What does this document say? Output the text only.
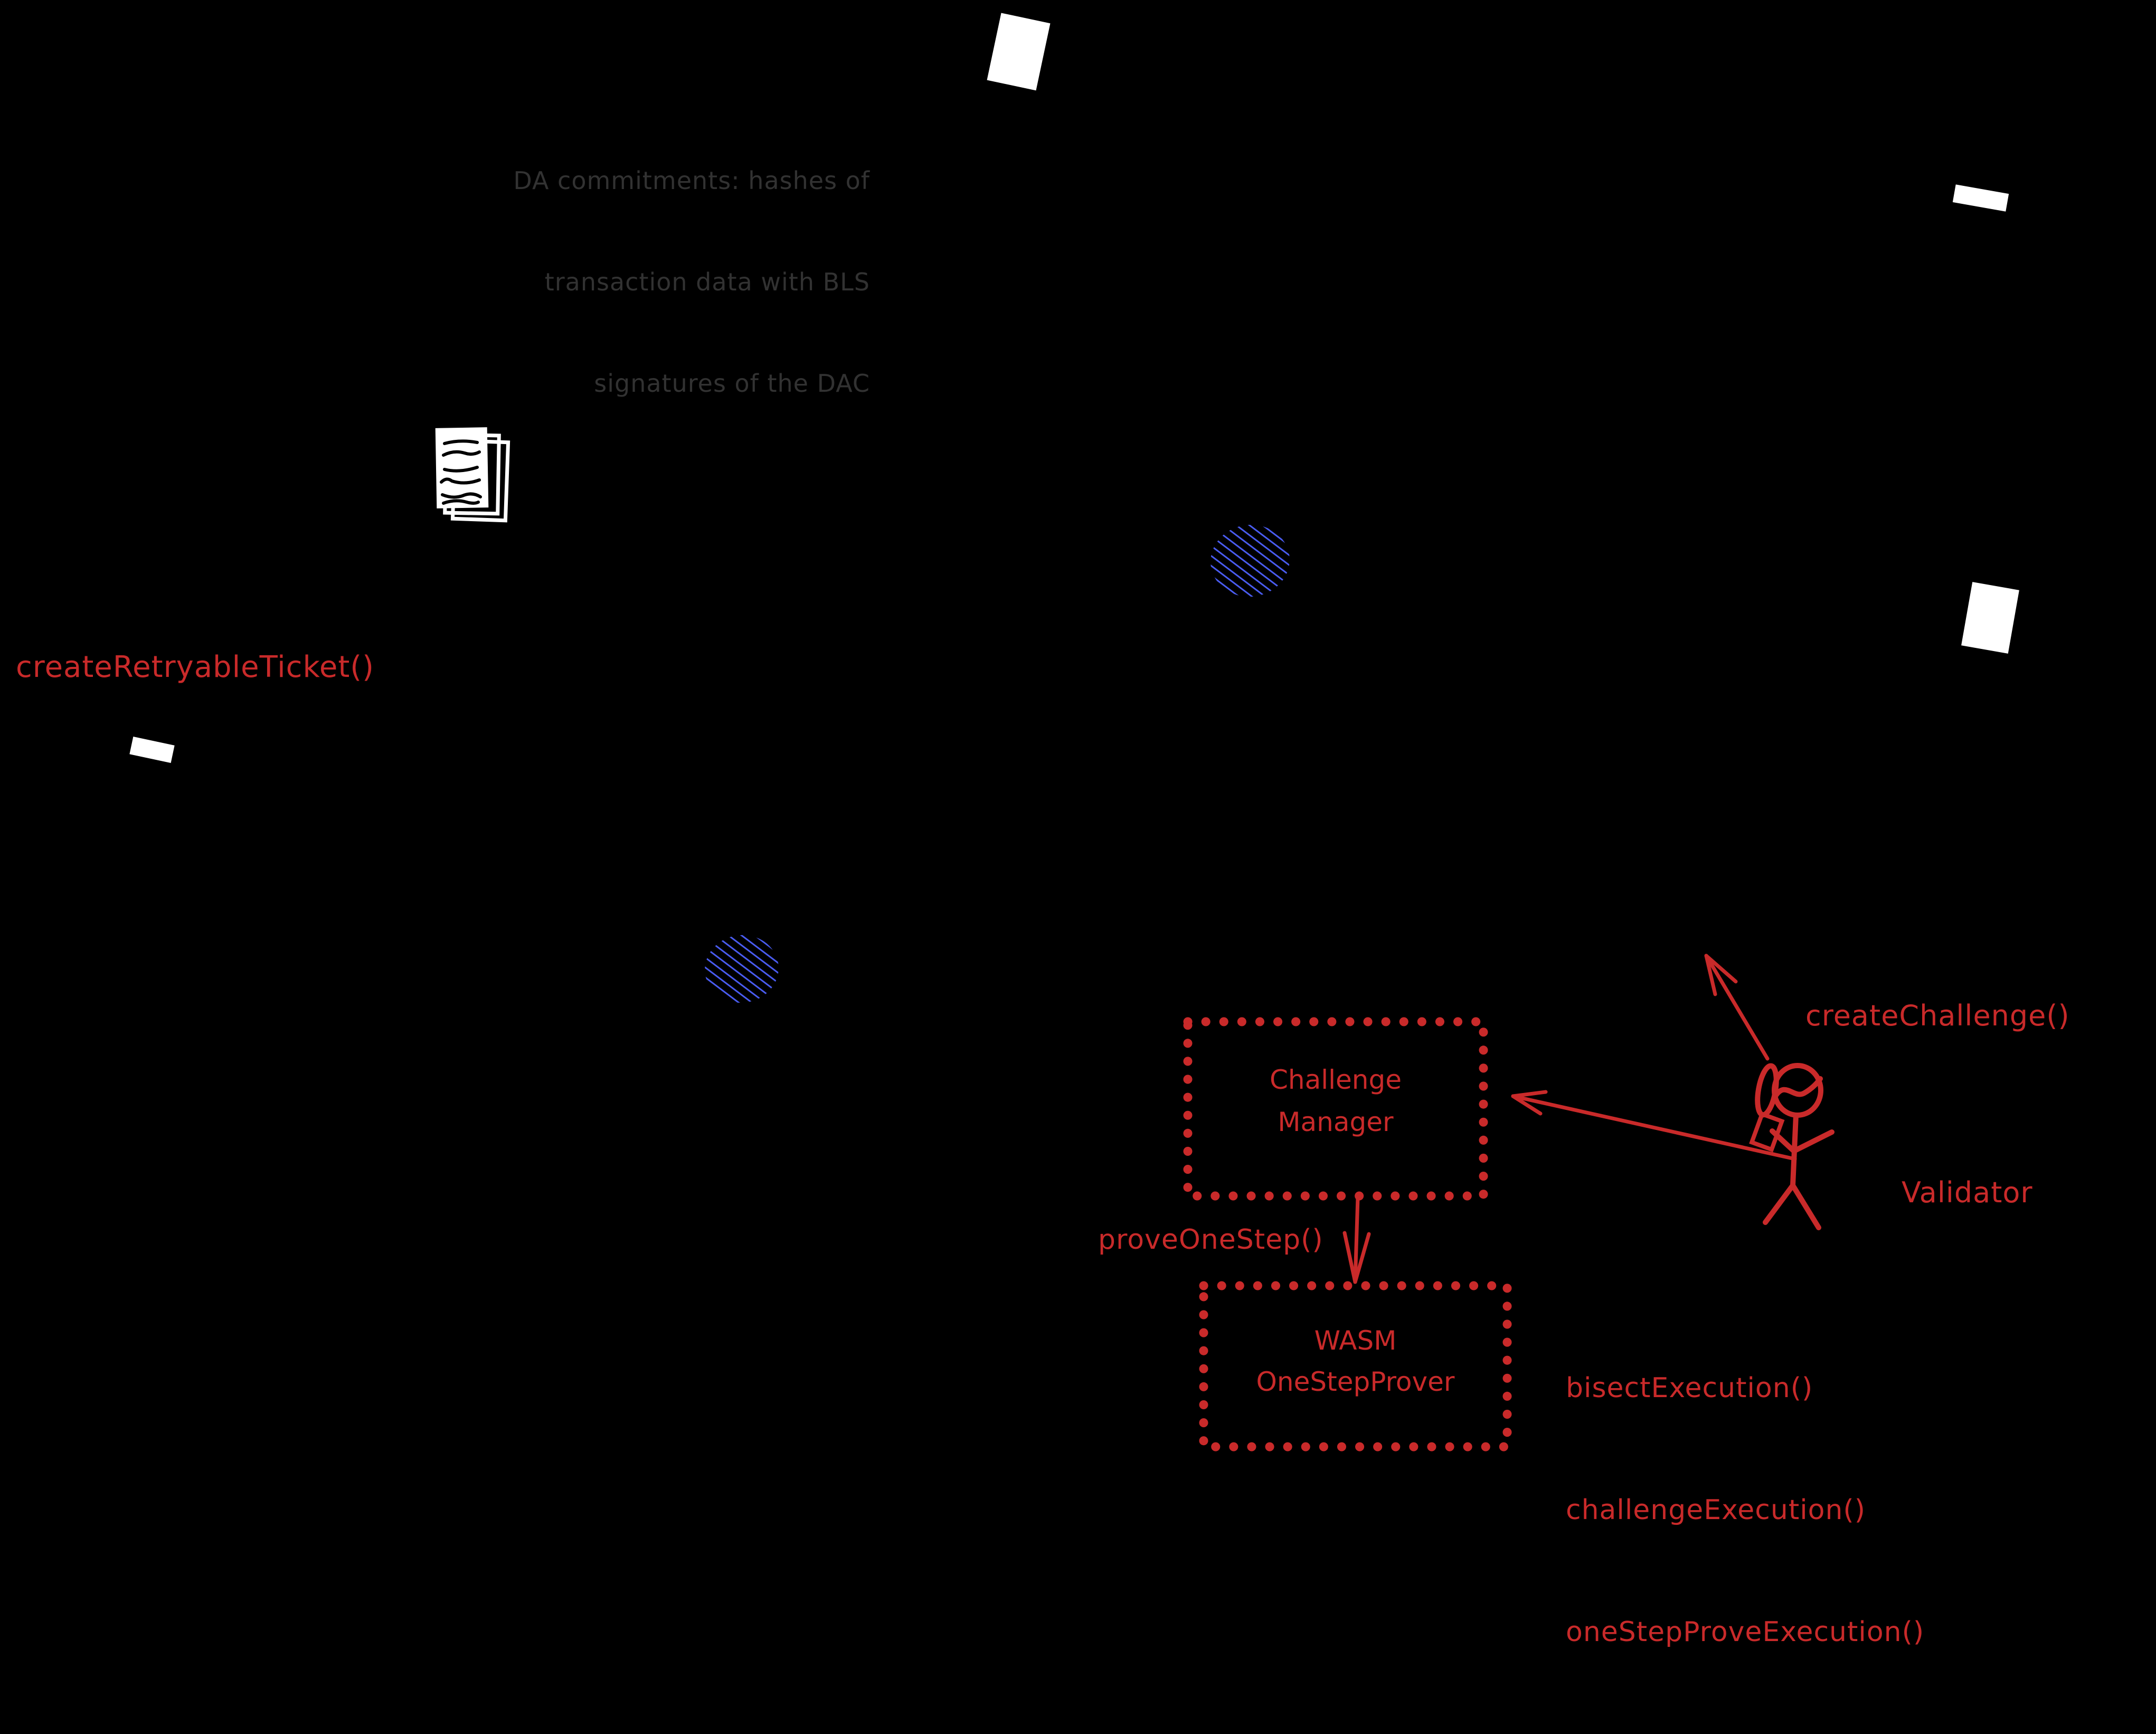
DA commitments: hashes of

transaction data with BLS

signatures of the DAC

createRetryableTicket()
proveOneStep()
createChallenge()
Validator

bisectExecution()

challengeExecution()

oneStepProveExecution()

Challenge
Manager
WASM
OneStepProver
